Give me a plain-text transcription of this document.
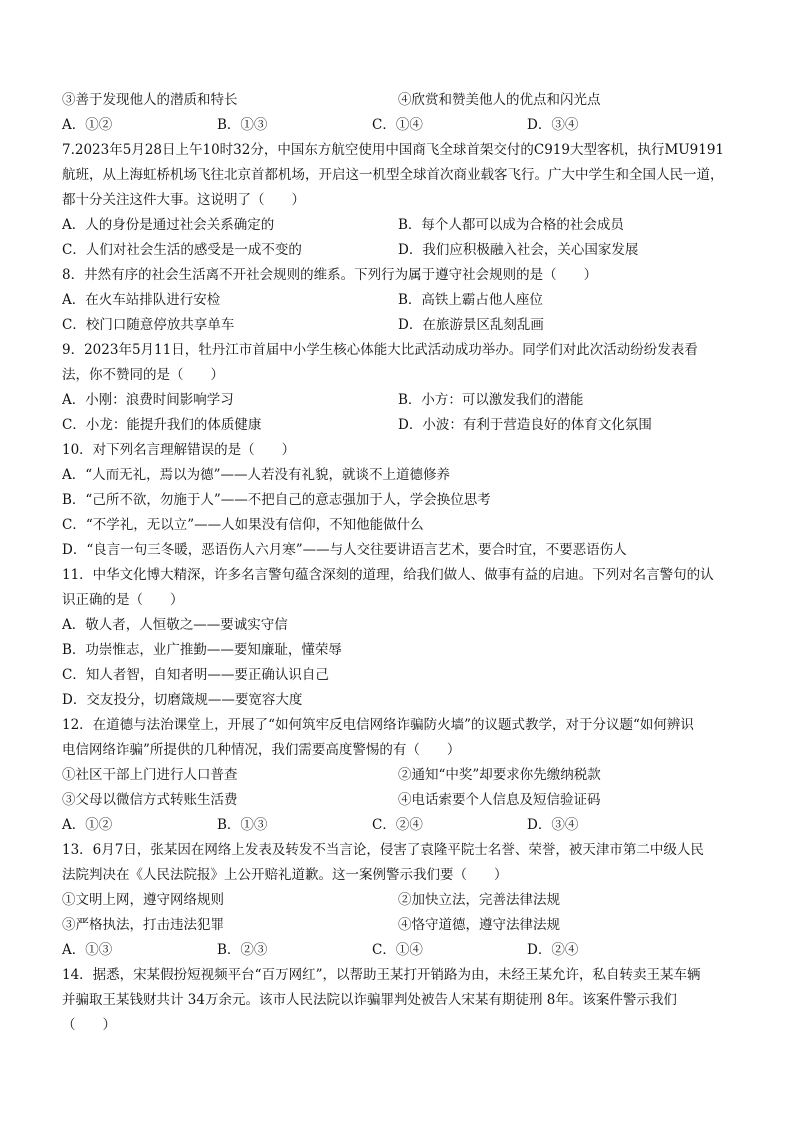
③善于发现他人的潜质和特长	④欣赏和赞美他人的优点和闪光点
A．①②	B．①③	C．①④	D．③④
7.2023年5月28日上午10时32分，中国东方航空使用中国商飞全球首架交付的C919大型客机，执行MU9191
航班，从上海虹桥机场飞往北京首都机场，开启这一机型全球首次商业载客飞行。广大中学生和全国人民一道，
都十分关注这件大事。这说明了（　　）
A．人的身份是通过社会关系确定的	B．每个人都可以成为合格的社会成员
C．人们对社会生活的感受是一成不变的	D．我们应积极融入社会，关心国家发展
8．井然有序的社会生活离不开社会规则的维系。下列行为属于遵守社会规则的是（　　）
A．在火车站排队进行安检	B．高铁上霸占他人座位
C．校门口随意停放共享单车	D．在旅游景区乱刻乱画
9．2023年5月11日，牡丹江市首届中小学生核心体能大比武活动成功举办。同学们对此次活动纷纷发表看
法，你不赞同的是（　　）
A．小刚：浪费时间影响学习	B．小方：可以激发我们的潜能
C．小龙：能提升我们的体质健康	D．小波：有利于营造良好的体育文化氛围
10．对下列名言理解错误的是（　　）
A．“人而无礼，焉以为德”——人若没有礼貌，就谈不上道德修养
B．“己所不欲，勿施于人”——不把自己的意志强加于人，学会换位思考
C．“不学礼，无以立”——人如果没有信仰，不知他能做什么
D．“良言一句三冬暖，恶语伤人六月寒”——与人交往要讲语言艺术，要合时宜，不要恶语伤人
11．中华文化博大精深，许多名言警句蕴含深刻的道理，给我们做人、做事有益的启迪。下列对名言警句的认
识正确的是（　　）
A．敬人者，人恒敬之——要诚实守信
B．功崇惟志，业广推勤——要知廉耻，懂荣辱
C．知人者智，自知者明——要正确认识自己
D．交友投分，切磨箴规——要宽容大度
12．在道德与法治课堂上，开展了“如何筑牢反电信网络诈骗防火墙”的议题式教学，对于分议题“如何辨识
电信网络诈骗”所提供的几种情况，我们需要高度警惕的有（　　）
①社区干部上门进行人口普查	②通知“中奖”却要求你先缴纳税款
③父母以微信方式转账生活费	④电话索要个人信息及短信验证码
A．①②	B．①③	C．②④	D．③④
13．6月7日，张某因在网络上发表及转发不当言论，侵害了袁隆平院士名誉、荣誉，被天津市第二中级人民
法院判决在《人民法院报》上公开赔礼道歉。这一案例警示我们要（　　）
①文明上网，遵守网络规则	②加快立法，完善法律法规
③严格执法，打击违法犯罪	④恪守道德，遵守法律法规
A．①③	B．②③	C．①④	D．②④
14．据悉，宋某假扮短视频平台“百万网红”，以帮助王某打开销路为由，未经王某允许，私自转卖王某车辆
并骗取王某钱财共计 34万余元。该市人民法院以诈骗罪判处被告人宋某有期徒刑 8年。该案件警示我们
（　　）
